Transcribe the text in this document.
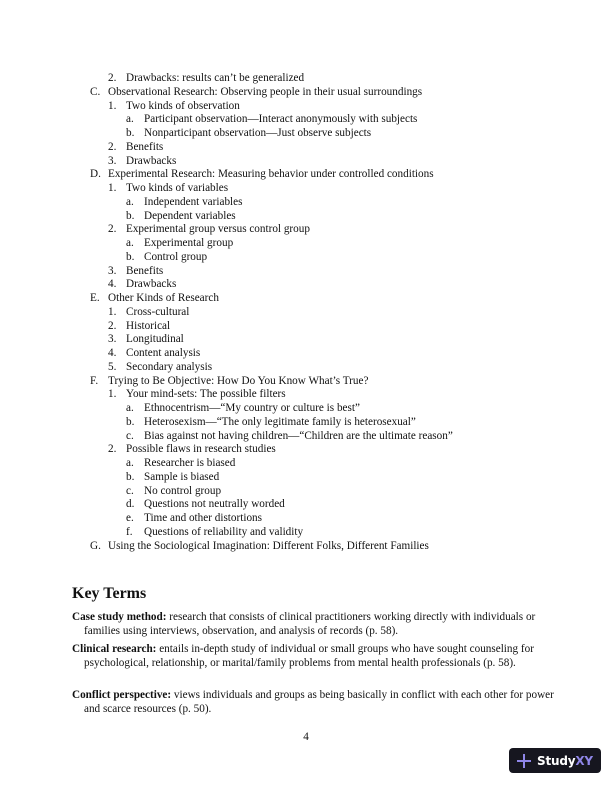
2. Drawbacks: results can’t be generalized
C. Observational Research: Observing people in their usual surroundings
1. Two kinds of observation
a. Participant observation—Interact anonymously with subjects
b. Nonparticipant observation—Just observe subjects
2. Benefits
3. Drawbacks
D. Experimental Research: Measuring behavior under controlled conditions
1. Two kinds of variables
a. Independent variables
b. Dependent variables
2. Experimental group versus control group
a. Experimental group
b. Control group
3. Benefits
4. Drawbacks
E. Other Kinds of Research
1. Cross-cultural
2. Historical
3. Longitudinal
4. Content analysis
5. Secondary analysis
F. Trying to Be Objective: How Do You Know What’s True?
1. Your mind-sets: The possible filters
a. Ethnocentrism—“My country or culture is best”
b. Heterosexism—“The only legitimate family is heterosexual”
c. Bias against not having children—“Children are the ultimate reason”
2. Possible flaws in research studies
a. Researcher is biased
b. Sample is biased
c. No control group
d. Questions not neutrally worded
e. Time and other distortions
f. Questions of reliability and validity
G. Using the Sociological Imagination: Different Folks, Different Families
Key Terms
Case study method: research that consists of clinical practitioners working directly with individuals or families using interviews, observation, and analysis of records (p. 58).
Clinical research: entails in-depth study of individual or small groups who have sought counseling for psychological, relationship, or marital/family problems from mental health professionals (p. 58).
Conflict perspective: views individuals and groups as being basically in conflict with each other for power and scarce resources (p. 50).
4
StudyXY
